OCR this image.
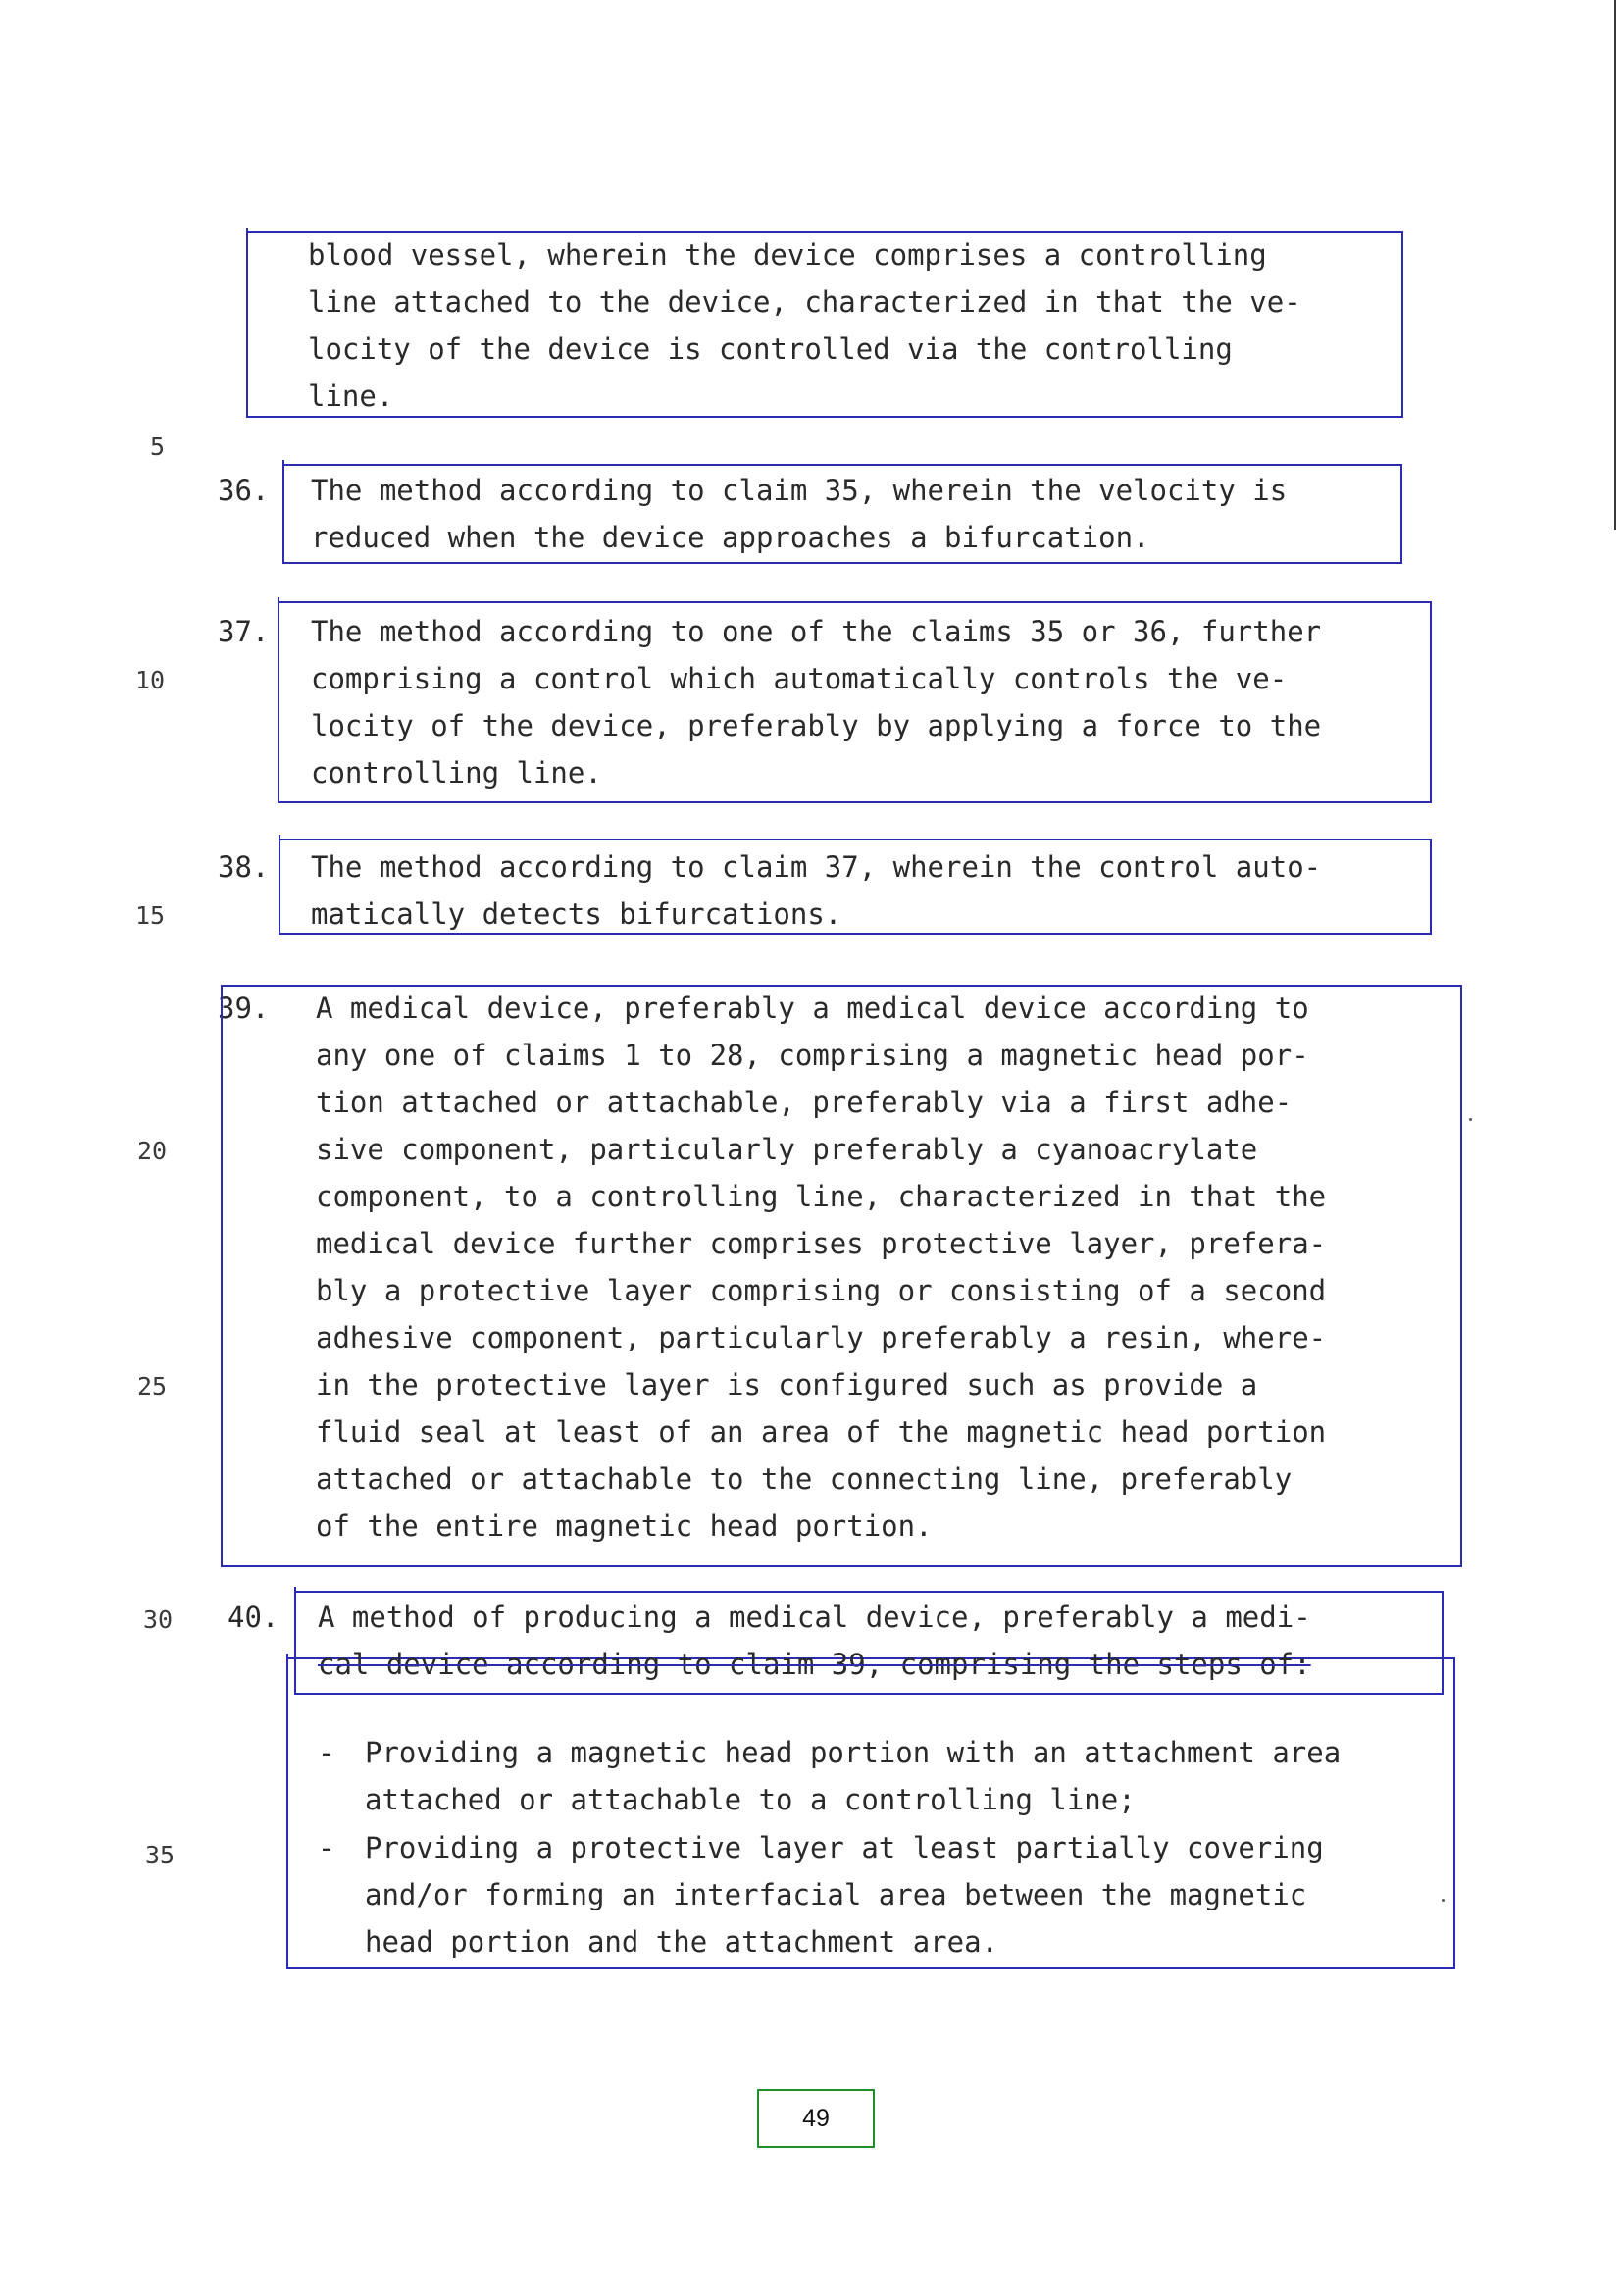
5
10
15
20
25
30
35
blood vessel, wherein the device comprises a controlling
line attached to the device, characterized in that the ve-
locity of the device is controlled via the controlling
line.
36. The method according to claim 35, wherein the velocity is
reduced when the device approaches a bifurcation.
37. The method according to one of the claims 35 or 36, further
comprising a control which automatically controls the ve-
locity of the device, preferably by applying a force to the
controlling line.
38. The method according to claim 37, wherein the control auto-
matically detects bifurcations.
39. A medical device, preferably a medical device according to
any one of claims 1 to 28, comprising a magnetic head por-
tion attached or attachable, preferably via a first adhe-
sive component, particularly preferably a cyanoacrylate
component, to a controlling line, characterized in that the
medical device further comprises protective layer, prefera-
bly a protective layer comprising or consisting of a second
adhesive component, particularly preferably a resin, where-
in the protective layer is configured such as provide a
fluid seal at least of an area of the magnetic head portion
attached or attachable to the connecting line, preferably
of the entire magnetic head portion.
40. A method of producing a medical device, preferably a medi-
cal device according to claim 39, comprising the steps of:
- Providing a magnetic head portion with an attachment area
attached or attachable to a controlling line;
- Providing a protective layer at least partially covering
and/or forming an interfacial area between the magnetic
head portion and the attachment area.
49
